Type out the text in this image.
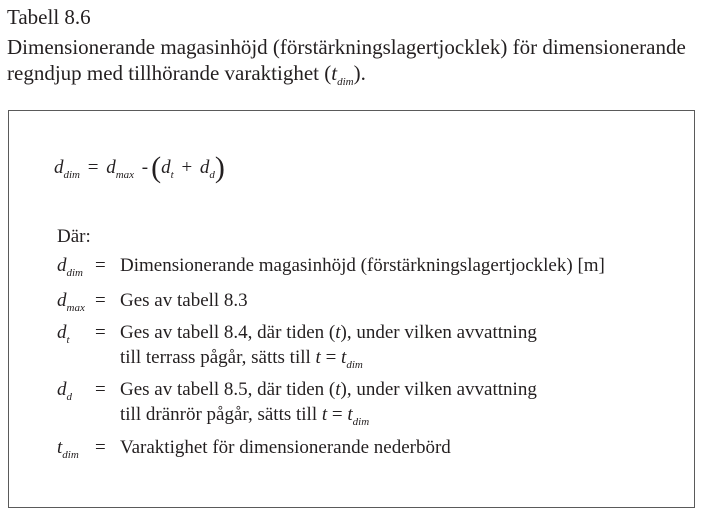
Tabell 8.6
Dimensionerande magasinhöjd (förstärkningslagertjocklek) för dimensionerande
regndjup med tillhörande varaktighet $(t_{dim})$.
$d_{dim} = d_{max} - (d_t + d_d)$
Där:
$d_{dim}$ = Dimensionerande magasinhöjd (förstärkningslagertjocklek) [m]
$d_{max}$ = Ges av tabell 8.3
$d_t$ = Ges av tabell 8.4, där tiden (t), under vilken avvattning
till terrass pågår, sätts till $t = t_{dim}$
$d_d$ = Ges av tabell 8.5, där tiden (t), under vilken avvattning
till dränrör pågår, sätts till $t = t_{dim}$
$t_{dim}$ = Varaktighet för dimensionerande nederbörd
